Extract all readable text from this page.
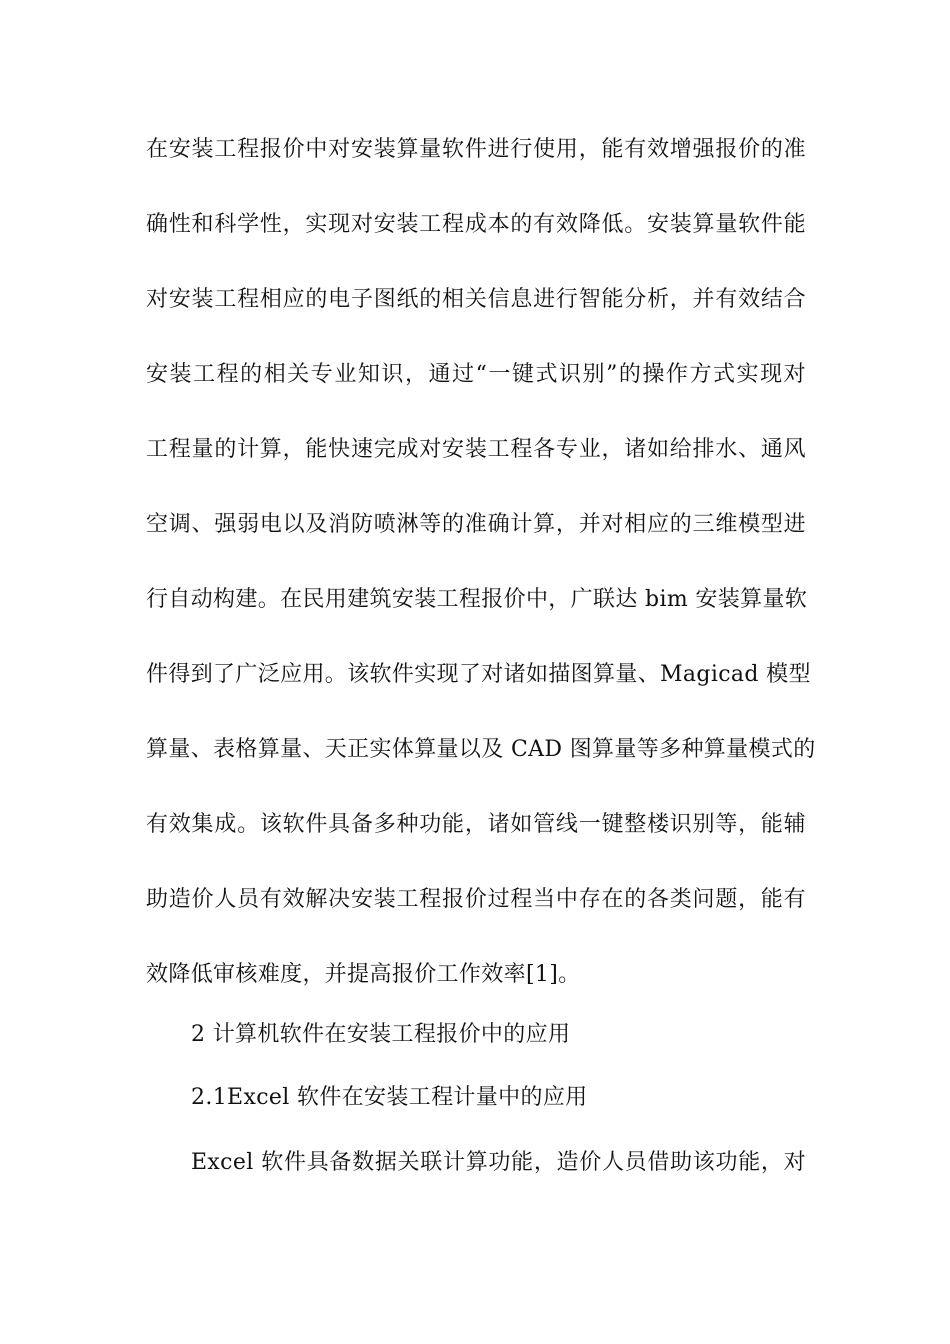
在安装工程报价中对安装算量软件进行使用，能有效增强报价的准
确性和科学性，实现对安装工程成本的有效降低。安装算量软件能
对安装工程相应的电子图纸的相关信息进行智能分析，并有效结合
安装工程的相关专业知识，通过“一键式识别”的操作方式实现对
工程量的计算，能快速完成对安装工程各专业，诸如给排水、通风
空调、强弱电以及消防喷淋等的准确计算，并对相应的三维模型进
行自动构建。在民用建筑安装工程报价中，广联达 bim 安装算量软
件得到了广泛应用。该软件实现了对诸如描图算量、Magicad 模型
算量、表格算量、天正实体算量以及 CAD 图算量等多种算量模式的
有效集成。该软件具备多种功能，诸如管线一键整楼识别等，能辅
助造价人员有效解决安装工程报价过程当中存在的各类问题，能有
效降低审核难度，并提高报价工作效率[1]。
2 计算机软件在安装工程报价中的应用
2.1Excel 软件在安装工程计量中的应用
Excel 软件具备数据关联计算功能，造价人员借助该功能，对
